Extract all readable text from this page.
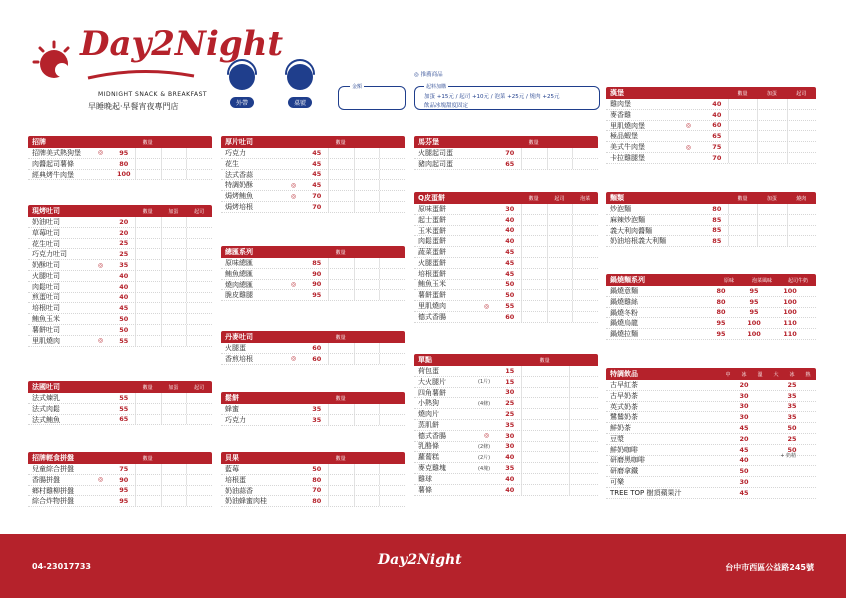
Day2Night
MIDNIGHT SNACK & BREAKFAST
早睡晚起‧早餐宵夜專門店	外帶	桌號
金額
◎ 推薦商品
起料加購
加蛋 +15元 / 起司 +10元 / 泡菜 +25元 / 燒肉 +25元
飲品冰塊甜度固定
招牌	數量
招牌美式熱狗堡	◎	95
肉醬起司薯條	80
經典烤牛肉堡	100
現烤吐司	數量	加蛋	起司
奶油吐司	20
草莓吐司	20
花生吐司	25
巧克力吐司	25
奶酥吐司	◎	35
火腿吐司	40
肉鬆吐司	40
煎蛋吐司	40
培根吐司	45
鮪魚玉米	50
薯餅吐司	50
里肌燒肉	◎	55
法國吐司	數量	加蛋	起司
法式煉乳	55
法式肉鬆	55
法式鮪魚	65
招牌輕食拼盤	數量
兒童綜合拼盤	75
香腸拼盤	◎	90
鄉村雞柳拼盤	95
綜合炸物拼盤	95
厚片吐司	數量
巧克力	45
花生	45
法式香蒜	45
特調奶酥	◎	45
焗烤鮪魚	◎	70
焗烤培根	70
總匯系列	數量
原味總匯	85
鮪魚總匯	90
燒肉總匯	◎	90
脆皮雞腿	95
丹麥吐司	數量
火腿蛋	60
香煎培根	◎	60
鬆餅	數量
蜂蜜	35
巧克力	35
貝果	數量
藍莓	50
培根蛋	80
奶油蒜香	70
奶油蜂蜜肉桂	80
馬芬堡	數量
火腿起司蛋	70
豬肉起司蛋	65
Q皮蛋餅	數量	起司	泡菜
原味蛋餅	30
起士蛋餅	40
玉米蛋餅	40
肉鬆蛋餅	40
蔬菜蛋餅	45
火腿蛋餅	45
培根蛋餅	45
鮪魚玉米	50
薯餅蛋餅	50
里肌燒肉	◎	55
德式香腸	60
單點	數量
荷包蛋	15
大火腿片	(1片)	15
四角薯餅	30
小熱狗	(4條)	25
燒肉片	25
蒸肌餅	35
德式香腸	◎	30
乳酪條	(2條)	30
蘿蔔糕	(2片)	40
麥克雞塊	(4塊)	35
雞球	40
薯條	40
漢堡	數量	加蛋	起司
雞肉堡	40
麥香雞	40
里肌燒肉堡	◎	60
極品蝦堡	65
美式牛肉堡	◎	75
卡拉雞腿堡	70
麵類	數量	加蛋	燒肉
炒泡麵	80
麻辣炒泡麵	85
義大利肉醬麵	85
奶油培根義大利麵	85
鍋燒麵系列	原味	泡菜風味	起司牛奶
鍋燒意麵	80	95	100
鍋燒雞絲	80	95	100
鍋燒冬粉	80	95	100
鍋燒烏龍	95	100	110
鍋燒拉麵	95	100	110
特調飲品	中	冰	溫	大	冰	熱
古早紅茶	20	25
古早奶茶	30	35
英式奶茶	30	35
鷺鷥奶茶	30	35
鮮奶茶	45	50
豆漿	20	25
鮮奶咖啡	45	50
研磨黑咖啡	40
+ 奶精
研磨拿鐵	50
可樂	30
TREE TOP 樹頂蘋果汁	45
04-23017733	Day2Night	台中市西區公益路245號
